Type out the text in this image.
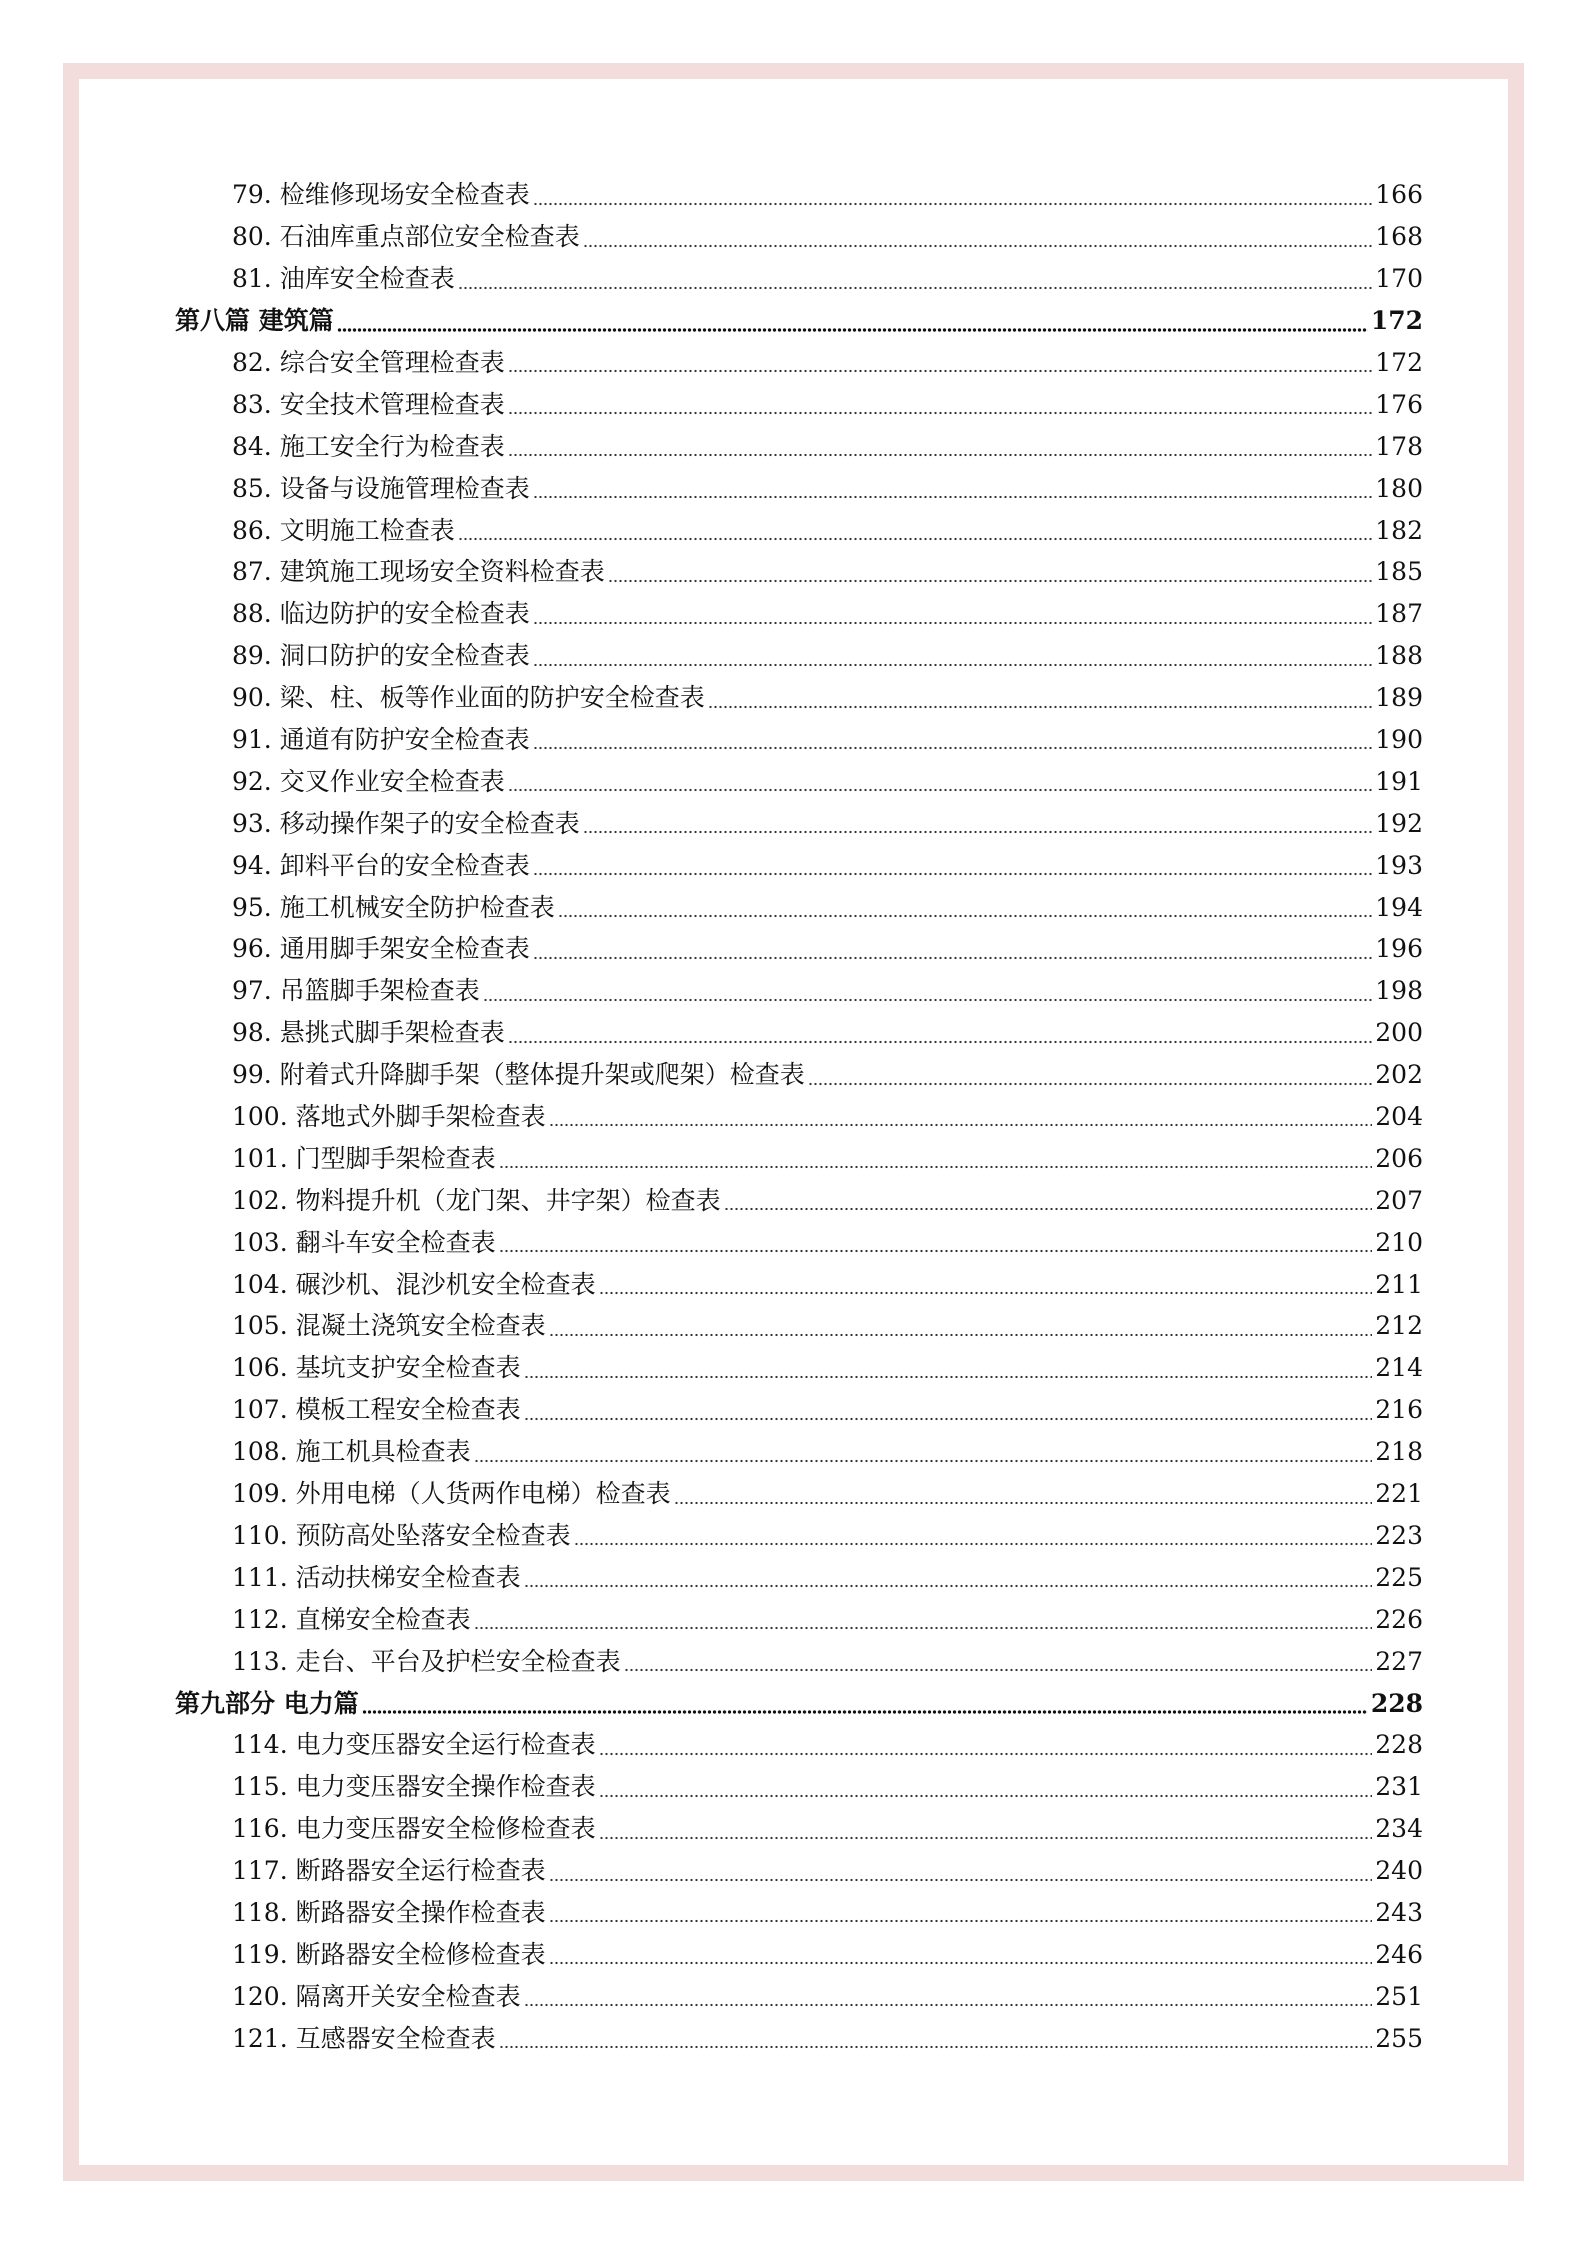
79. 检维修现场安全检查表	166
80. 石油库重点部位安全检查表	168
81. 油库安全检查表	170
第八篇 建筑篇	172
82. 综合安全管理检查表	172
83. 安全技术管理检查表	176
84. 施工安全行为检查表	178
85. 设备与设施管理检查表	180
86. 文明施工检查表	182
87. 建筑施工现场安全资料检查表	185
88. 临边防护的安全检查表	187
89. 洞口防护的安全检查表	188
90. 梁、柱、板等作业面的防护安全检查表	189
91. 通道有防护安全检查表	190
92. 交叉作业安全检查表	191
93. 移动操作架子的安全检查表	192
94. 卸料平台的安全检查表	193
95. 施工机械安全防护检查表	194
96. 通用脚手架安全检查表	196
97. 吊篮脚手架检查表	198
98. 悬挑式脚手架检查表	200
99. 附着式升降脚手架（整体提升架或爬架）检查表	202
100. 落地式外脚手架检查表	204
101. 门型脚手架检查表	206
102. 物料提升机（龙门架、井字架）检查表	207
103. 翻斗车安全检查表	210
104. 碾沙机、混沙机安全检查表	211
105. 混凝土浇筑安全检查表	212
106. 基坑支护安全检查表	214
107. 模板工程安全检查表	216
108. 施工机具检查表	218
109. 外用电梯（人货两作电梯）检查表	221
110. 预防高处坠落安全检查表	223
111. 活动扶梯安全检查表	225
112. 直梯安全检查表	226
113. 走台、平台及护栏安全检查表	227
第九部分 电力篇	228
114. 电力变压器安全运行检查表	228
115. 电力变压器安全操作检查表	231
116. 电力变压器安全检修检查表	234
117. 断路器安全运行检查表	240
118. 断路器安全操作检查表	243
119. 断路器安全检修检查表	246
120. 隔离开关安全检查表	251
121. 互感器安全检查表	255
